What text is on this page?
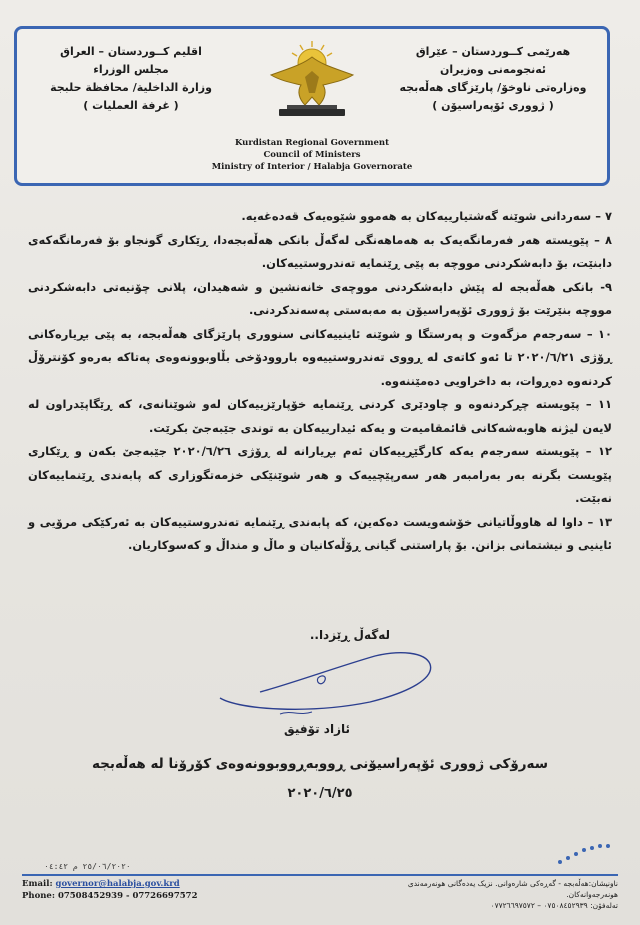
هەرێمی کــوردستان – عێراق
ئەنجومەنی وەزیران
وەزارەتی ناوخۆ/ پارێزگای هەڵەبجە
( ژووری ئۆپەراسیۆن )
اقليم كــوردستان – العراق
مجلس الوزراء
وزارة الداخلية/ محافظة حلبجة
( غرفة العمليات )
Kurdistan Regional Government
Council of Ministers
Ministry of Interior / Halabja Governorate

٧ – سەردانی شوێنە گەشتیارییەکان بە هەموو شێوەیەک قەدەغەیە.

٨ – پێویستە هەر فەرمانگەیەک بە هەماهەنگی لەگەڵ بانکی هەڵەبجەدا، ڕێکاری گونجاو بۆ فەرمانگەکەی دابنێت، بۆ دابەشکردنی مووچە بە پێی ڕێنمایە تەندروستییەکان.

٩- بانکی هەڵەبجە لە پێش دابەشکردنی مووچەی خانەنشین و شەهیدان، پلانی چۆنیەتی دابەشکردنی مووچە بنێرێت بۆ ژووری ئۆپەراسیۆن بە مەبەستی پەسەندکردنی.

١٠ – سەرجەم مزگەوت و پەرستگا و شوێنە ئاینییەکانی سنووری پارێزگای هەڵەبجە، بە پێی بڕیارەکانی ڕۆژی ٢٠٢٠/٦/٢١ تا ئەو کاتەی لە ڕووی تەندروستییەوە باروودۆخی بڵاوبوونەوەی پەتاکە بەرەو کۆنترۆڵ کردنەوە دەڕوات، بە داخراویی دەمێننەوە.

١١ – پێویستە چڕکردنەوە و چاودێری کردنی ڕێنمایە خۆپارێزییەکان لەو شوێنانەی، کە ڕێگاپێدراون لە لایەن لیژنە هاوبەشەکانی قائمقامیەت و یەکە ئیدارییەکان بە توندی جێبەجێ بکرێت.

١٢ – پێویستە سەرجەم یەکە کارگێڕییەکان ئەم بڕیارانە لە ڕۆژی ٢٠٢٠/٦/٢٦ جێبەجێ بکەن و ڕێکاری پێویست بگرنە بەر بەرامبەر هەر سەرپێچییەک و هەر شوێنێکی خزمەتگوزاری کە پابەندی ڕێنماییەکان نەبێت.

١٣ – داوا لە هاووڵاتیانی خۆشەویست دەکەین، کە پابەندی ڕێنمایە تەندروستییەکان بە ئەرکێکی مرۆیی و ئاینیی و نیشتمانی بزانن. بۆ پاراستنی گیانی ڕۆڵەکانیان و ماڵ و منداڵ و کەسوکاریان.

لەگەڵ ڕێزدا..
ئازاد تۆفیق
سەرۆکی ژووری ئۆپەراسیۆنی ڕووبەڕووبوونەوەی کۆرۆنا لە هەڵەبجە
٢٠٢٠/٦/٢٥
٢٥/٠٦/٢٠٢٠ م ٠٤:٤٢
Email: governor@halabja.gov.krd
Phone: 07508452939 - 07726697572
ناونیشان:هەڵەبجە - گەڕەکی شارەوانی. نزیک یەدەگانی هونەرمەندی هونەرجەوانەکان.
تەلەفۆن: ٠٧٥٠٨٤٥٢٩٣٩ – ٠٧٧٢٦٦٩٧٥٧٢
